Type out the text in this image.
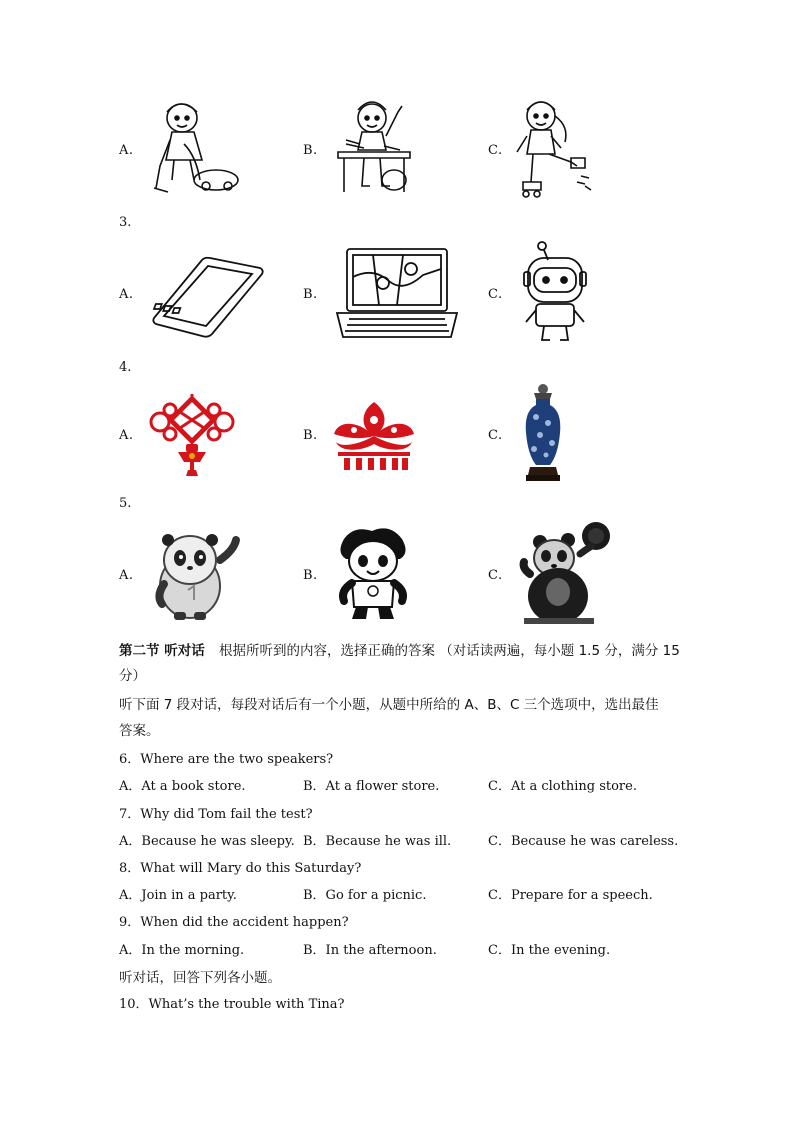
A.	B.	C.
3.
A.	B.	C.
4.
A.	B.	C.
5.
A.	B.	C.
第二节 听对话 根据所听到的内容，选择正确的答案 （对话读两遍，每小题 1.5 分，满分 15
分）
听下面 7 段对话，每段对话后有一个小题，从题中所给的 A、B、C 三个选项中，选出最佳
答案。
6．Where are the two speakers?
A．At a book store.	B．At a flower store.	C．At a clothing store.
7．Why did Tom fail the test?
A．Because he was sleepy. B．Because he was ill.	C．Because he was careless.
8．What will Mary do this Saturday?
A．Join in a party.	B．Go for a picnic.	C．Prepare for a speech.
9．When did the accident happen?
A．In the morning.	B．In the afternoon.	C．In the evening.
听对话，回答下列各小题。
10．What’s the trouble with Tina?
